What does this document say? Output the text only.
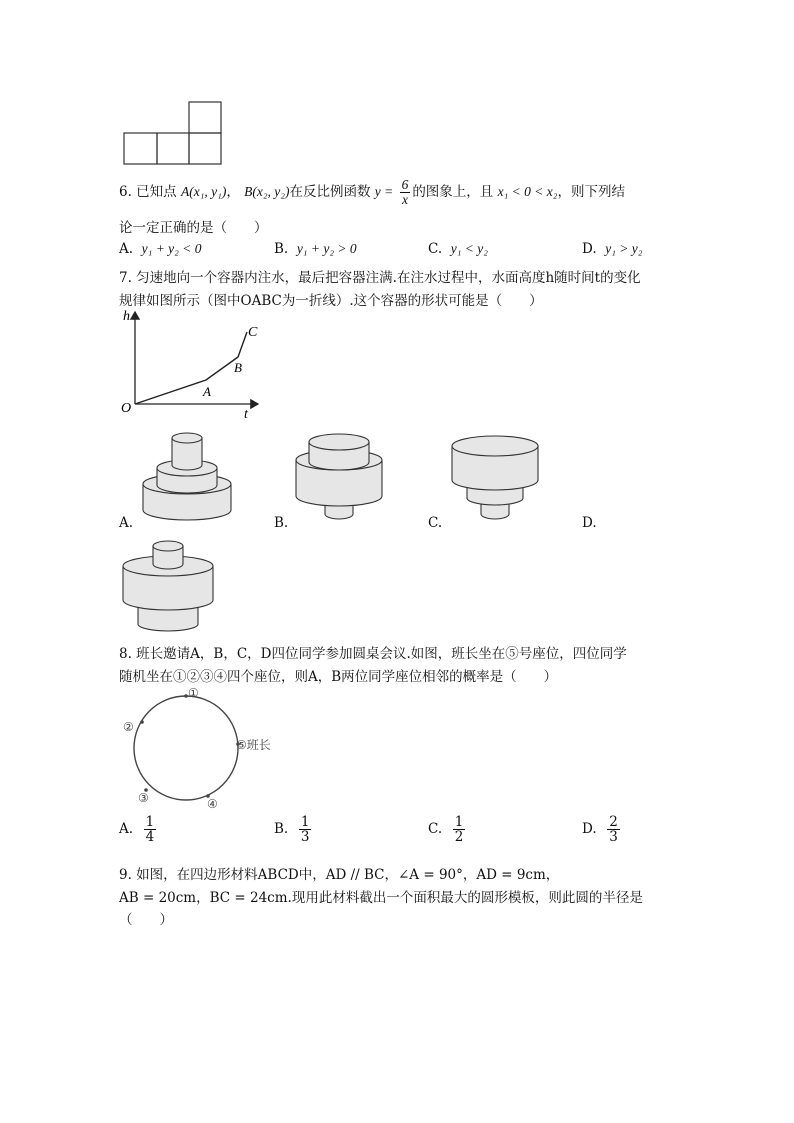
6. 已知点 A(x₁, y₁)， B(x₂, y₂)在反比例函数 $y = \frac{6}{x}$ 的图象上，且 x₁ < 0 < x₂，则下列结
论一定正确的是（　　）
A. y₁ + y₂ < 0	B. y₁ + y₂ > 0	C. y₁ < y₂	D. y₁ > y₂
7. 匀速地向一个容器内注水，最后把容器注满.在注水过程中，水面高度h随时间t的变化
规律如图所示（图中OABC为一折线）.这个容器的形状可能是（　　）
h
t
O
A
B
C
A.	B.	C.	D.
8. 班长邀请A，B，C，D四位同学参加圆桌会议.如图，班长坐在⑤号座位，四位同学
随机坐在①②③④四个座位，则A，B两位同学座位相邻的概率是（　　）
①
②
③	④
⑤班长
A. $\frac{1}{4}$	B. $\frac{1}{3}$	C. $\frac{1}{2}$	D. $\frac{2}{3}$
9. 如图，在四边形材料ABCD中，AD // BC，∠A = 90°，AD = 9cm，
AB = 20cm，BC = 24cm.现用此材料截出一个面积最大的圆形模板，则此圆的半径是
（　　）
